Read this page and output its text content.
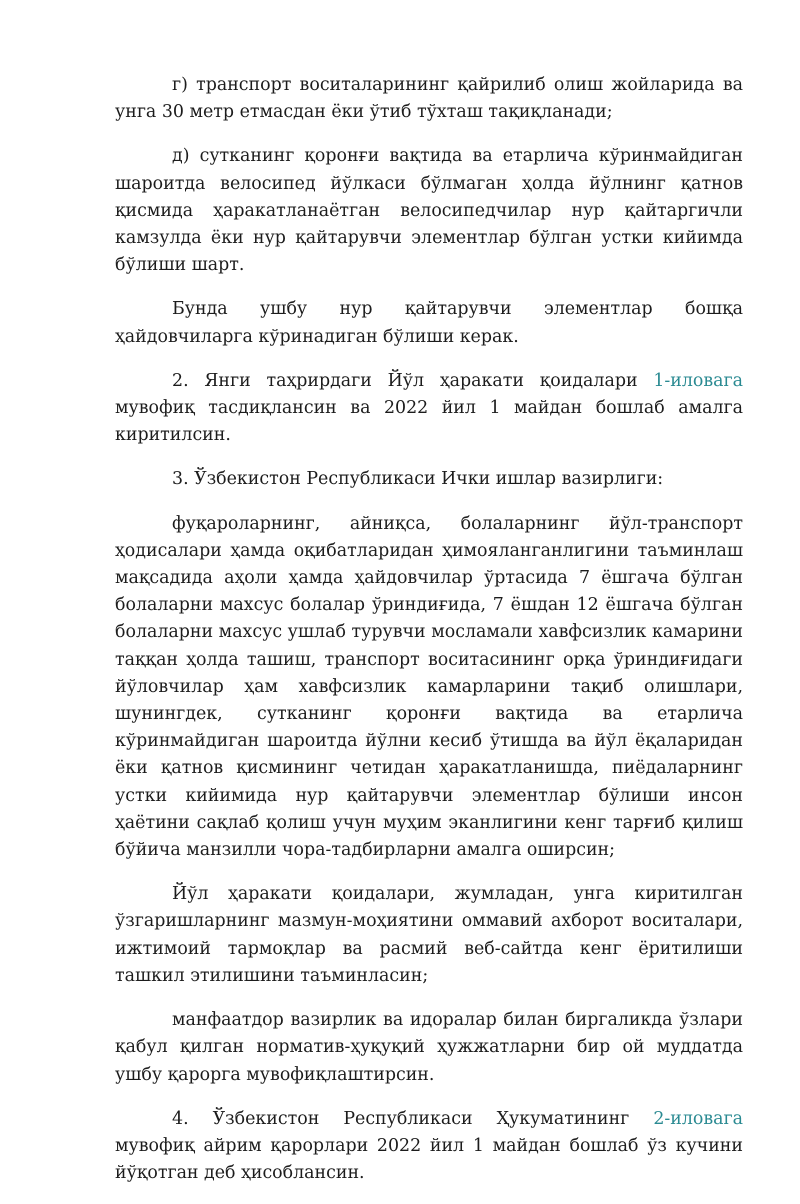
г) транспорт воситаларининг қайрилиб олиш жойларида ва унга 30 метр етмасдан ёки ўтиб тўхташ тақиқланади;

д) сутканинг қоронғи вақтида ва етарлича кўринмайдиган шароитда велосипед йўлкаси бўлмаган ҳолда йўлнинг қатнов қисмида ҳаракатланаётган велосипедчилар нур қайтаргичли камзулда ёки нур қайтарувчи элементлар бўлган устки кийимда бўлиши шарт.

Бунда ушбу нур қайтарувчи элементлар бошқа ҳайдовчиларга кўринадиган бўлиши керак.

2. Янги таҳрирдаги Йўл ҳаракати қоидалари 1-иловага мувофиқ тасдиқлансин ва 2022 йил 1 майдан бошлаб амалга киритилсин.

3. Ўзбекистон Республикаси Ички ишлар вазирлиги:

фуқароларнинг, айниқса, болаларнинг йўл-транспорт ҳодисалари ҳамда оқибатларидан ҳимояланганлигини таъминлаш мақсадида аҳоли ҳамда ҳайдовчилар ўртасида 7 ёшгача бўлган болаларни махсус болалар ўриндиғида, 7 ёшдан 12 ёшгача бўлган болаларни махсус ушлаб турувчи мосламали хавфсизлик камарини таққан ҳолда ташиш, транспорт воситасининг орқа ўриндиғидаги йўловчилар ҳам хавфсизлик камарларини тақиб олишлари, шунингдек, сутканинг қоронғи вақтида ва етарлича кўринмайдиган шароитда йўлни кесиб ўтишда ва йўл ёқаларидан ёки қатнов қисмининг четидан ҳаракатланишда, пиёдаларнинг устки кийимида нур қайтарувчи элементлар бўлиши инсон ҳаётини сақлаб қолиш учун муҳим эканлигини кенг тарғиб қилиш бўйича манзилли чора-тадбирларни амалга оширсин;

Йўл ҳаракати қоидалари, жумладан, унга киритилган ўзгаришларнинг мазмун-моҳиятини оммавий ахборот воситалари, ижтимоий тармоқлар ва расмий веб-сайтда кенг ёритилиши ташкил этилишини таъминласин;

манфаатдор вазирлик ва идоралар билан биргаликда ўзлари қабул қилган норматив-ҳуқуқий ҳужжатларни бир ой муддатда ушбу қарорга мувофиқлаштирсин.

4. Ўзбекистон Республикаси Ҳукуматининг 2-иловага мувофиқ айрим қарорлари 2022 йил 1 майдан бошлаб ўз кучини йўқотган деб ҳисоблансин.
